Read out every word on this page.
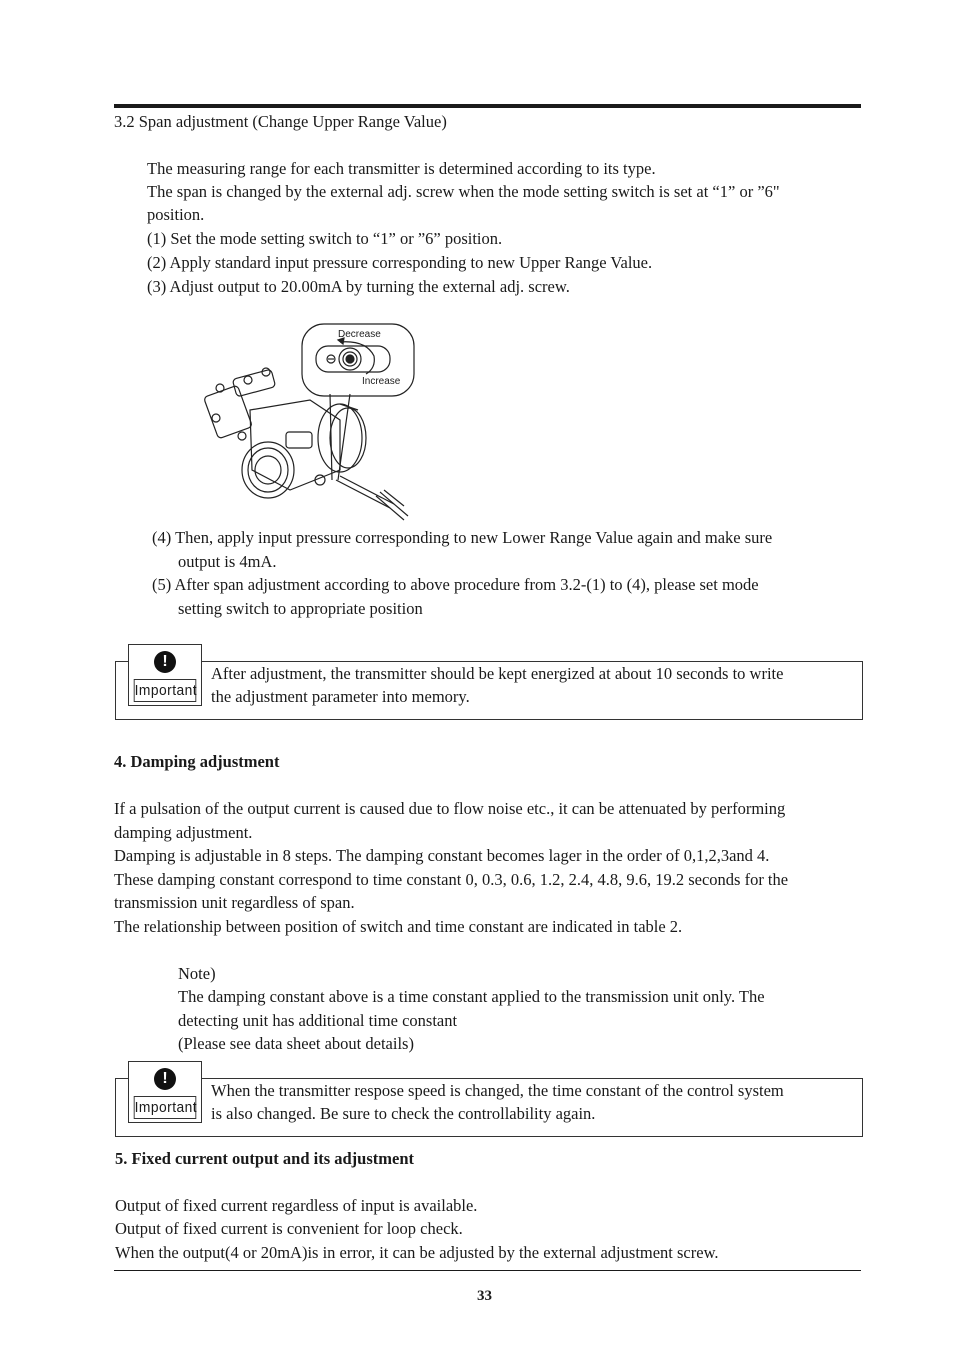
3.2 Span adjustment (Change Upper Range Value)
The measuring range for each transmitter is determined according to its type.
The span is changed by the external adj. screw when the mode setting switch is set at “1” or ”6"
position.
(1) Set the mode setting switch to “1” or ”6” position.
(2) Apply standard input pressure corresponding to new Upper Range Value.
(3) Adjust output to 20.00mA by turning the external adj. screw.
Decrease
Increase
(4) Then, apply input pressure corresponding to new Lower Range Value again and make sure
output is 4mA.
(5) After span adjustment according to above procedure from 3.2-(1) to (4), please set mode
setting switch to appropriate position
!
Important
After adjustment, the transmitter should be kept energized at about 10 seconds to write
the adjustment parameter into memory.
4. Damping adjustment
If a pulsation of the output current is caused due to flow noise etc., it can be attenuated by performing
damping adjustment.
Damping is adjustable in 8 steps. The damping constant becomes lager in the order of 0,1,2,3and 4.
These damping constant correspond to time constant 0, 0.3, 0.6, 1.2, 2.4, 4.8, 9.6, 19.2 seconds for the
transmission unit regardless of span.
The relationship between position of switch and time constant are indicated in table 2.
Note)
The damping constant above is a time constant applied to the transmission unit only. The
detecting unit has additional time constant
(Please see data sheet about details)
!
Important
When the transmitter respose speed is changed, the time constant of the control system
is also changed. Be sure to check the controllability again.
5. Fixed current output and its adjustment
Output of fixed current regardless of input is available.
Output of fixed current is convenient for loop check.
When the output(4 or 20mA)is in error, it can be adjusted by the external adjustment screw.
33
